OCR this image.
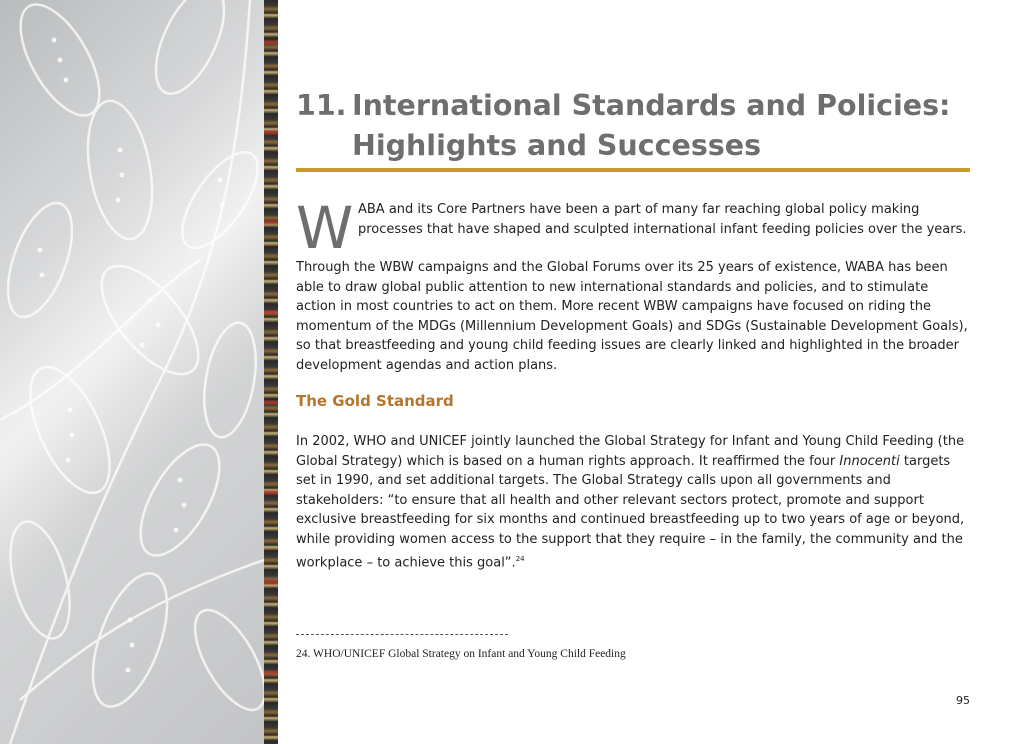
11. International Standards and Policies:
Highlights and Successes
W ABA and its Core Partners have been a part of many far reaching global policy making processes that have shaped and sculpted international infant feeding policies over the years.
Through the WBW campaigns and the Global Forums over its 25 years of existence, WABA has been able to draw global public attention to new international standards and policies, and to stimulate action in most countries to act on them. More recent WBW campaigns have focused on riding the momentum of the MDGs (Millennium Development Goals) and SDGs (Sustainable Development Goals), so that breastfeeding and young child feeding issues are clearly linked and highlighted in the broader development agendas and action plans.
The Gold Standard
In 2002, WHO and UNICEF jointly launched the Global Strategy for Infant and Young Child Feeding (the Global Strategy) which is based on a human rights approach. It reaffirmed the four Innocenti targets set in 1990, and set additional targets. The Global Strategy calls upon all governments and stakeholders: “to ensure that all health and other relevant sectors protect, promote and support exclusive breastfeeding for six months and continued breastfeeding up to two years of age or beyond, while providing women access to the support that they require – in the family, the community and the workplace – to achieve this goal”.$^{24}$
24. WHO/UNICEF Global Strategy on Infant and Young Child Feeding
95
